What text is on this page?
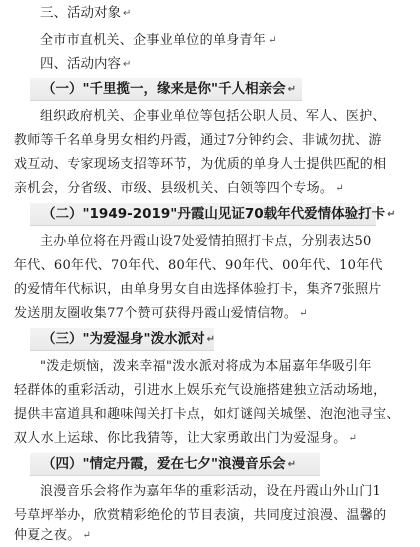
三、活动对象 ↵
全市市直机关、企事业单位的单身青年 ↵
四、活动内容 ↵
（一）"千里揽一，缘来是你"千人相亲会 ↵
组织政府机关、企事业单位等包括公职人员、军人、医护、
教师等千名单身男女相约丹霞，通过7分钟约会、非诚勿扰、游
戏互动、专家现场支招等环节，为优质的单身人士提供匹配的相
亲机会，分省级、市级、县级机关、白领等四个专场。 ↵
（二）"1949-2019"丹霞山见证70载年代爱情体验打卡 ↵
主办单位将在丹霞山设7处爱情拍照打卡点，分别表达50
年代、60年代、70年代、80年代、90年代、00年代、10年代
的爱情年代标识，由单身男女自由选择体验打卡，集齐7张照片
发送朋友圈收集77个赞可获得丹霞山爱情信物。 ↵
（三）"为爱湿身"泼水派对 ↵
"泼走烦恼，泼来幸福"泼水派对将成为本届嘉年华吸引年
轻群体的重彩活动，引进水上娱乐充气设施搭建独立活动场地，
提供丰富道具和趣味闯关打卡点，如灯谜闯关城堡、泡泡池寻宝、
双人水上运球、你比我猜等，让大家勇敢出门为爱湿身。 ↵
（四）"情定丹霞，爱在七夕"浪漫音乐会 ↵
浪漫音乐会将作为嘉年华的重彩活动，设在丹霞山外山门1
号草坪举办，欣赏精彩绝伦的节目表演，共同度过浪漫、温馨的
仲夏之夜。 ↵
